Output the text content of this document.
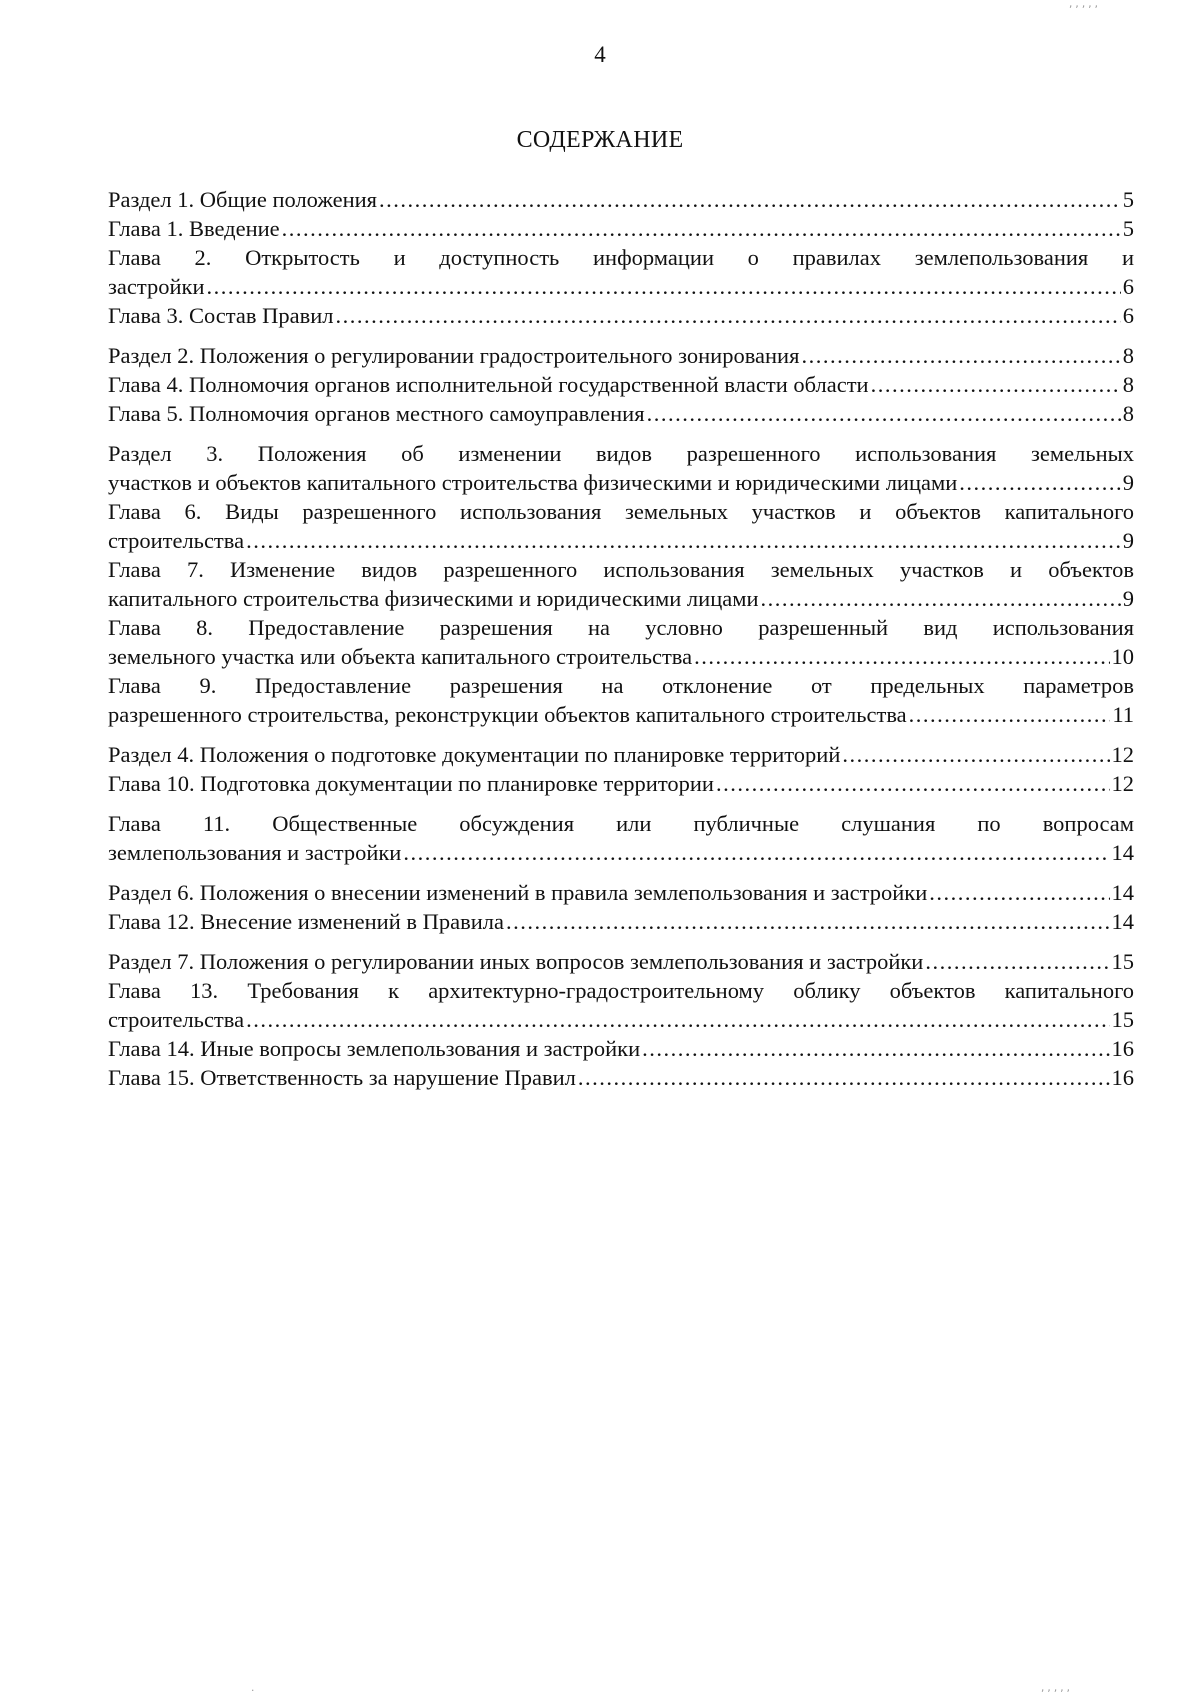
,,,,,
.	,,,,,
4
СОДЕРЖАНИЕ
Раздел 1. Общие положения .....	5
Глава 1. Введение .....	5
Глава 2. Открытость и доступность информации о правилах землепользования и
застройки .....	6
Глава 3. Состав Правил .....	6
Раздел 2. Положения о регулировании градостроительного зонирования .....	8
Глава 4. Полномочия органов исполнительной государственной власти области .....	8
Глава 5. Полномочия органов местного самоуправления .....	8
Раздел 3. Положения об изменении видов разрешенного использования земельных
участков и объектов капитального строительства физическими и юридическими лицами .....	9
Глава 6. Виды разрешенного использования земельных участков и объектов капитального
строительства .....	9
Глава 7. Изменение видов разрешенного использования земельных участков и объектов
капитального строительства физическими и юридическими лицами .....	9
Глава 8. Предоставление разрешения на условно разрешенный вид использования
земельного участка или объекта капитального строительства .....	10
Глава 9. Предоставление разрешения на отклонение от предельных параметров
разрешенного строительства, реконструкции объектов капитального строительства .....	11
Раздел 4. Положения о подготовке документации по планировке территорий .....	12
Глава 10. Подготовка документации по планировке территории .....	12
Глава 11. Общественные обсуждения или публичные слушания по вопросам
землепользования и застройки .....	14
Раздел 6. Положения о внесении изменений в правила землепользования и застройки .....	14
Глава 12. Внесение изменений в Правила .....	14
Раздел 7. Положения о регулировании иных вопросов землепользования и застройки .....	15
Глава 13. Требования к архитектурно-градостроительному облику объектов капитального
строительства .....	15
Глава 14. Иные вопросы землепользования и застройки .....	16
Глава 15. Ответственность за нарушение Правил .....	16
